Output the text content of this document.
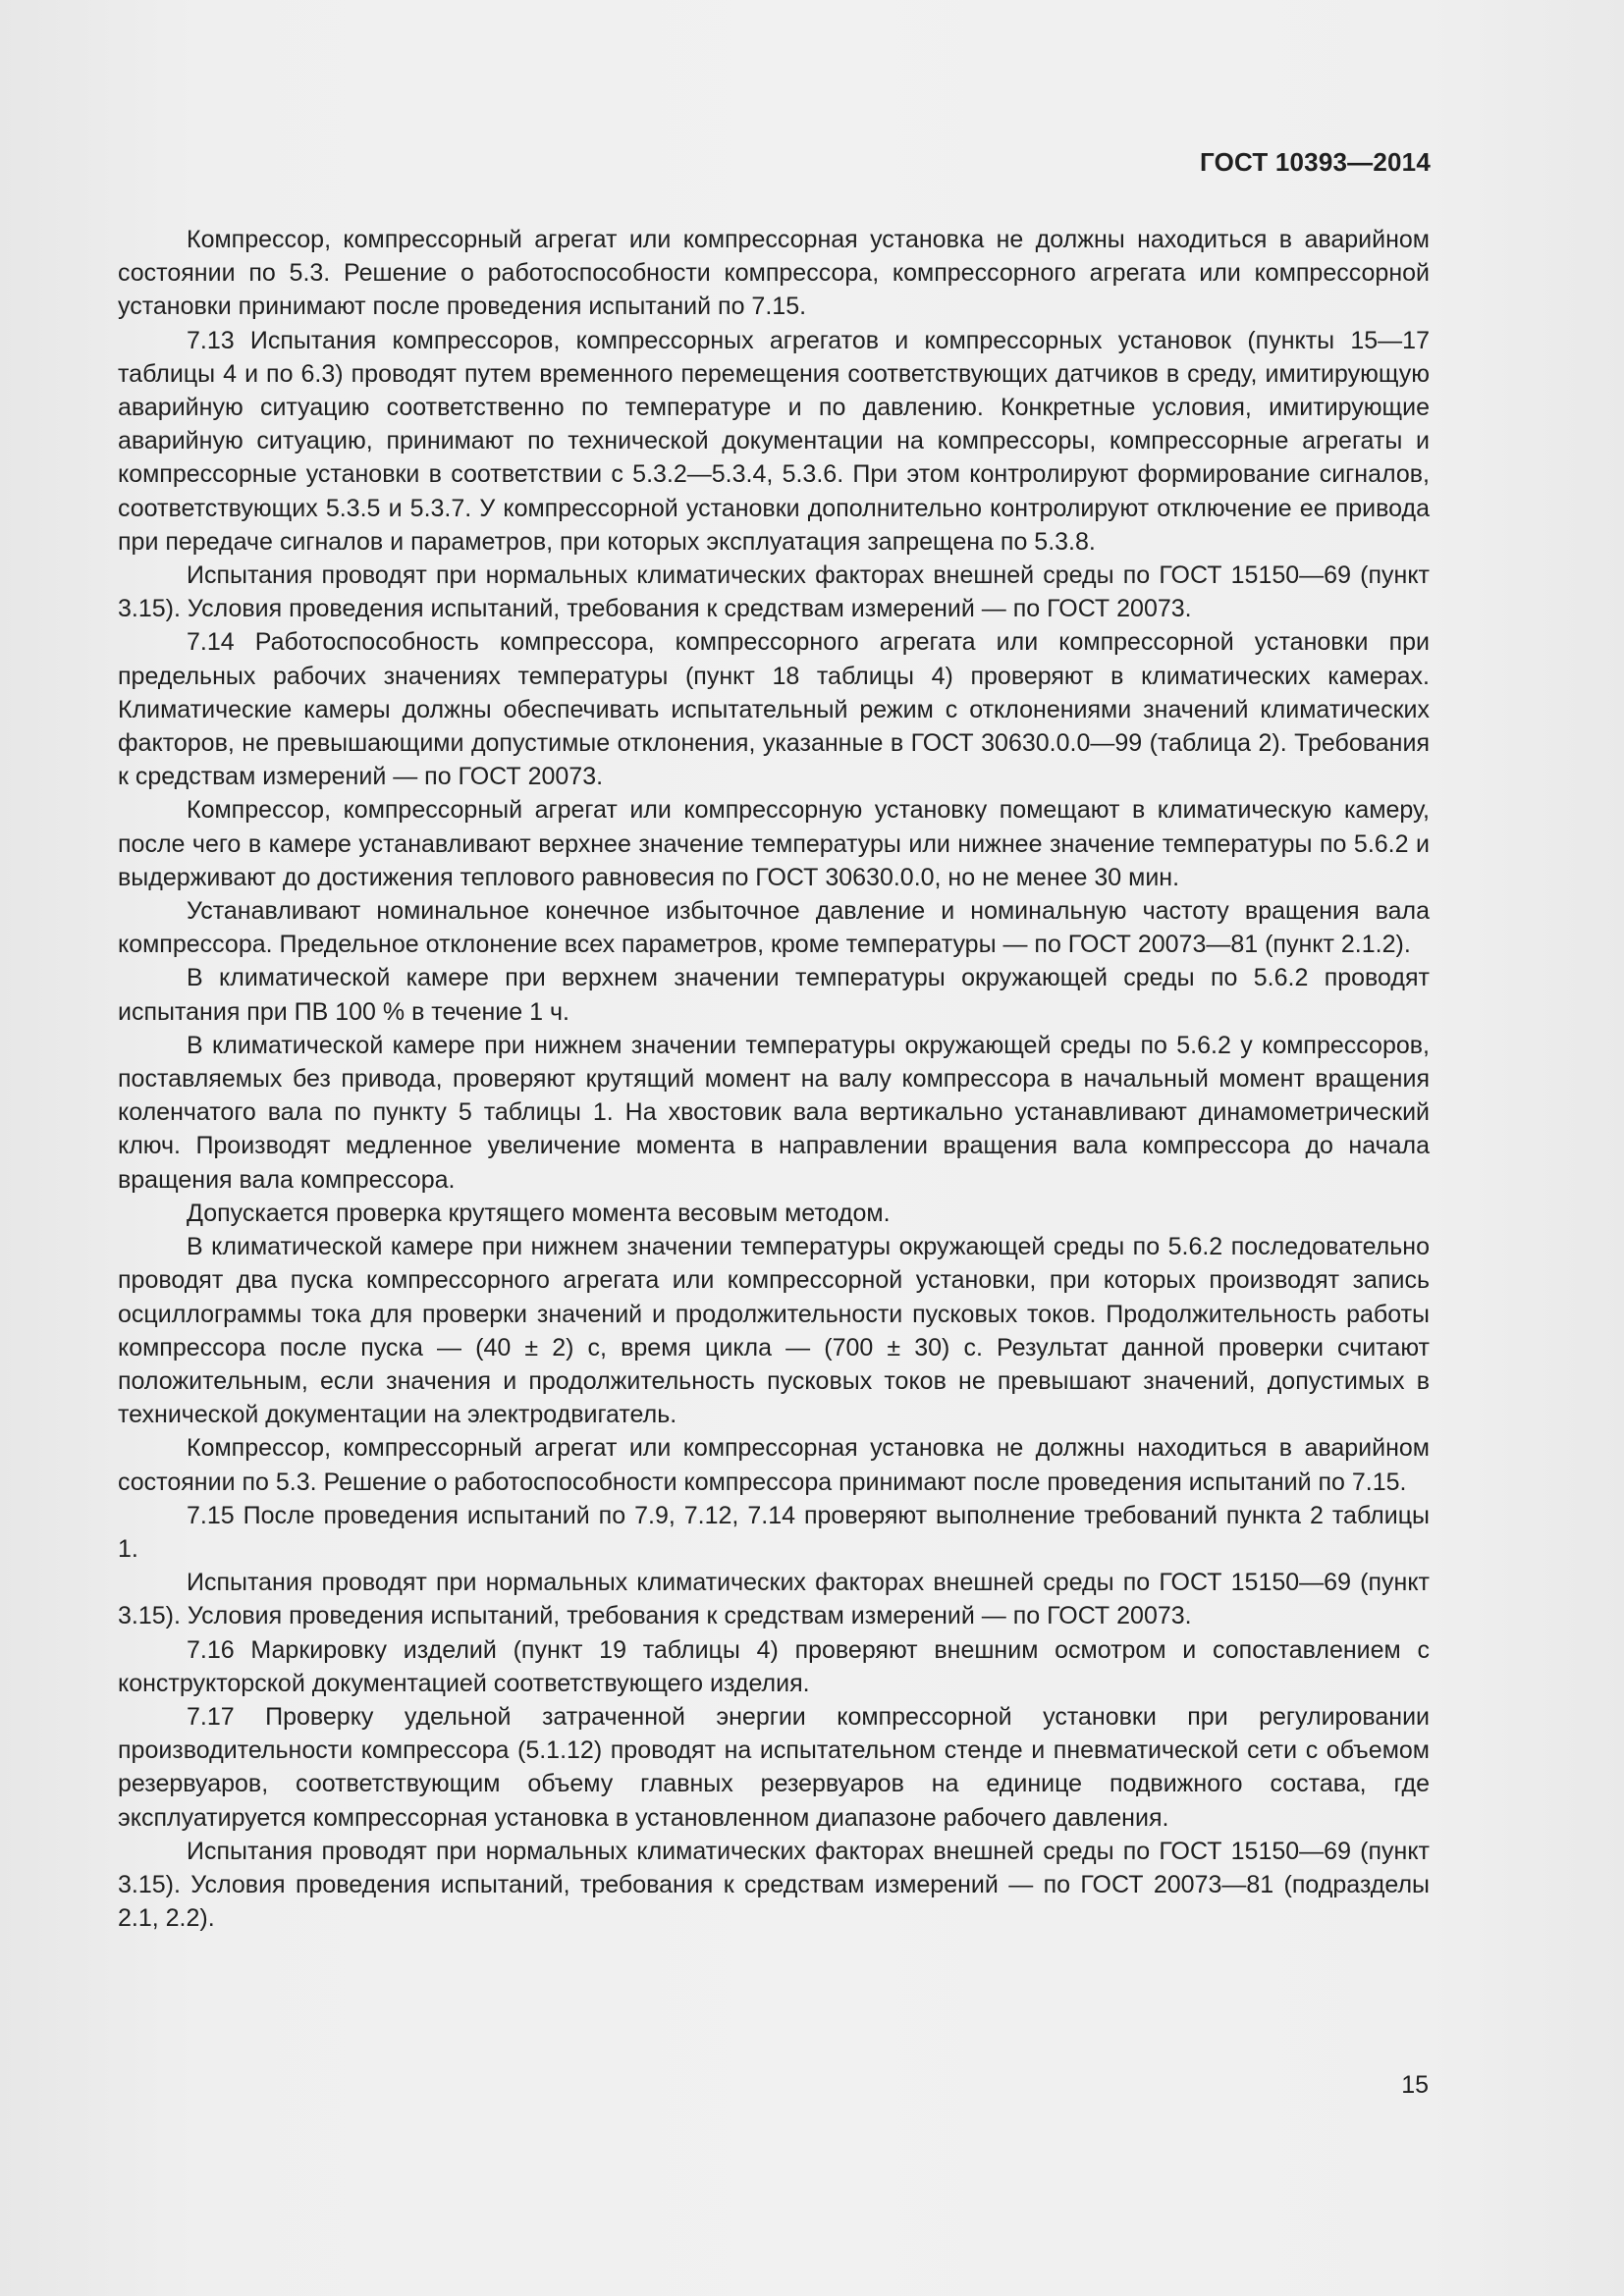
ГОСТ 10393—2014

Компрессор, компрессорный агрегат или компрессорная установка не должны находиться в аварийном состоянии по 5.3. Решение о работоспособности компрессора, компрессорного агрегата или компрессорной установки принимают после проведения испытаний по 7.15.

7.13 Испытания компрессоров, компрессорных агрегатов и компрессорных установок (пункты 15—17 таблицы 4 и по 6.3) проводят путем временного перемещения соответствующих датчиков в среду, имитирующую аварийную ситуацию соответственно по температуре и по давлению. Конкретные условия, имитирующие аварийную ситуацию, принимают по технической документации на компрессоры, компрессорные агрегаты и компрессорные установки в соответствии с 5.3.2—5.3.4, 5.3.6. При этом контролируют формирование сигналов, соответствующих 5.3.5 и 5.3.7. У компрессорной установки дополнительно контролируют отключение ее привода при передаче сигналов и параметров, при которых эксплуатация запрещена по 5.3.8.

Испытания проводят при нормальных климатических факторах внешней среды по ГОСТ 15150—69 (пункт 3.15). Условия проведения испытаний, требования к средствам измерений — по ГОСТ 20073.

7.14 Работоспособность компрессора, компрессорного агрегата или компрессорной установки при предельных рабочих значениях температуры (пункт 18 таблицы 4) проверяют в климатических камерах. Климатические камеры должны обеспечивать испытательный режим с отклонениями значений климатических факторов, не превышающими допустимые отклонения, указанные в ГОСТ 30630.0.0—99 (таблица 2). Требования к средствам измерений — по ГОСТ 20073.

Компрессор, компрессорный агрегат или компрессорную установку помещают в климатическую камеру, после чего в камере устанавливают верхнее значение температуры или нижнее значение температуры по 5.6.2 и выдерживают до достижения теплового равновесия по ГОСТ 30630.0.0, но не менее 30 мин.

Устанавливают номинальное конечное избыточное давление и номинальную частоту вращения вала компрессора. Предельное отклонение всех параметров, кроме температуры — по ГОСТ 20073—81 (пункт 2.1.2).

В климатической камере при верхнем значении температуры окружающей среды по 5.6.2 проводят испытания при ПВ 100 % в течение 1 ч.

В климатической камере при нижнем значении температуры окружающей среды по 5.6.2 у компрессоров, поставляемых без привода, проверяют крутящий момент на валу компрессора в начальный момент вращения коленчатого вала по пункту 5 таблицы 1. На хвостовик вала вертикально устанавливают динамометрический ключ. Производят медленное увеличение момента в направлении вращения вала компрессора до начала вращения вала компрессора.

Допускается проверка крутящего момента весовым методом.

В климатической камере при нижнем значении температуры окружающей среды по 5.6.2 последовательно проводят два пуска компрессорного агрегата или компрессорной установки, при которых производят запись осциллограммы тока для проверки значений и продолжительности пусковых токов. Продолжительность работы компрессора после пуска — (40 ± 2) с, время цикла — (700 ± 30) с. Результат данной проверки считают положительным, если значения и продолжительность пусковых токов не превышают значений, допустимых в технической документации на электродвигатель.

Компрессор, компрессорный агрегат или компрессорная установка не должны находиться в аварийном состоянии по 5.3. Решение о работоспособности компрессора принимают после проведения испытаний по 7.15.

7.15 После проведения испытаний по 7.9, 7.12, 7.14 проверяют выполнение требований пункта 2 таблицы 1.

Испытания проводят при нормальных климатических факторах внешней среды по ГОСТ 15150—69 (пункт 3.15). Условия проведения испытаний, требования к средствам измерений — по ГОСТ 20073.

7.16 Маркировку изделий (пункт 19 таблицы 4) проверяют внешним осмотром и сопоставлением с конструкторской документацией соответствующего изделия.

7.17 Проверку удельной затраченной энергии компрессорной установки при регулировании производительности компрессора (5.1.12) проводят на испытательном стенде и пневматической сети с объемом резервуаров, соответствующим объему главных резервуаров на единице подвижного состава, где эксплуатируется компрессорная установка в установленном диапазоне рабочего давления.

Испытания проводят при нормальных климатических факторах внешней среды по ГОСТ 15150—69 (пункт 3.15). Условия проведения испытаний, требования к средствам измерений — по ГОСТ 20073—81 (подразделы 2.1, 2.2).

15
